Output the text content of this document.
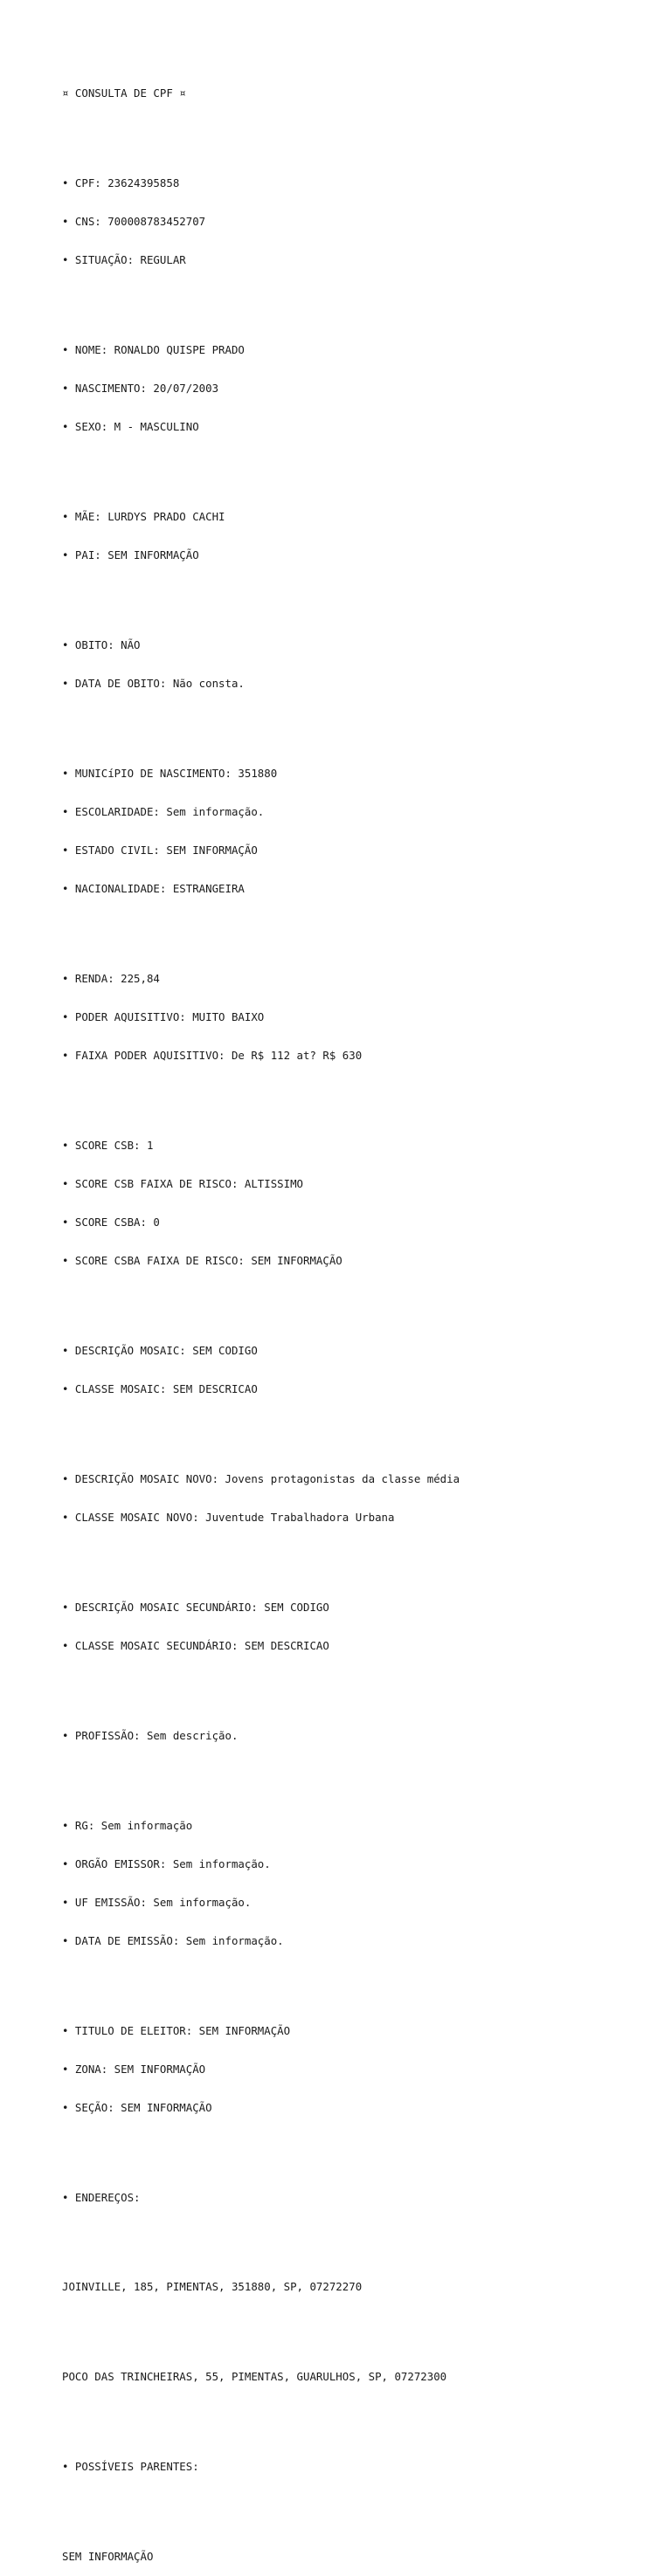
¤ CONSULTA DE CPF ¤

• CPF: 23624395858

• CNS: 700008783452707

• SITUAÇÃO: REGULAR

• NOME: RONALDO QUISPE PRADO

• NASCIMENTO: 20/07/2003

• SEXO: M - MASCULINO

• MÃE: LURDYS PRADO CACHI

• PAI: SEM INFORMAÇÃO

• OBITO: NÃO

• DATA DE OBITO: Não consta.

• MUNICíPIO DE NASCIMENTO: 351880

• ESCOLARIDADE: Sem informação.

• ESTADO CIVIL: SEM INFORMAÇÃO

• NACIONALIDADE: ESTRANGEIRA

• RENDA: 225,84

• PODER AQUISITIVO: MUITO BAIXO

• FAIXA PODER AQUISITIVO: De R$ 112 at? R$ 630

• SCORE CSB: 1

• SCORE CSB FAIXA DE RISCO: ALTISSIMO

• SCORE CSBA: 0

• SCORE CSBA FAIXA DE RISCO: SEM INFORMAÇÃO

• DESCRIÇÃO MOSAIC: SEM CODIGO

• CLASSE MOSAIC: SEM DESCRICAO

• DESCRIÇÃO MOSAIC NOVO: Jovens protagonistas da classe média

• CLASSE MOSAIC NOVO: Juventude Trabalhadora Urbana

• DESCRIÇÃO MOSAIC SECUNDÁRIO: SEM CODIGO

• CLASSE MOSAIC SECUNDÁRIO: SEM DESCRICAO

• PROFISSÃO: Sem descrição.

• RG: Sem informação

• ORGÃO EMISSOR: Sem informação.

• UF EMISSÃO: Sem informação.

• DATA DE EMISSÃO: Sem informação.

• TITULO DE ELEITOR: SEM INFORMAÇÃO

• ZONA: SEM INFORMAÇÃO

• SEÇÃO: SEM INFORMAÇÃO

• ENDEREÇOS:

JOINVILLE, 185, PIMENTAS, 351880, SP, 07272270

POCO DAS TRINCHEIRAS, 55, PIMENTAS, GUARULHOS, SP, 07272300

• POSSÍVEIS PARENTES:

SEM INFORMAÇÃO
